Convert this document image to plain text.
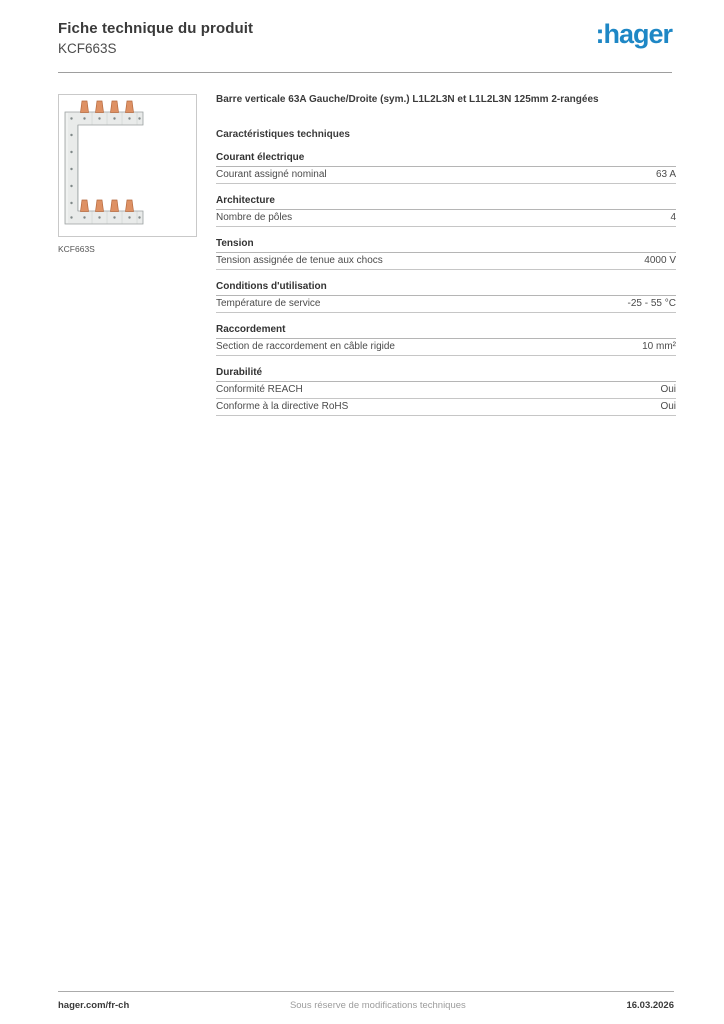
Fiche technique du produit
KCF663S	:hager
KCF663S
Barre verticale 63A Gauche/Droite (sym.) L1L2L3N et L1L2L3N 125mm 2-rangées
Caractéristiques techniques
Courant électrique
Courant assigné nominal	63 A
Architecture
Nombre de pôles	4
Tension
Tension assignée de tenue aux chocs	4000 V
Conditions d'utilisation
Température de service	-25 - 55 °C
Raccordement
Section de raccordement en câble rigide	10 mm²
Durabilité
Conformité REACH	Oui
Conforme à la directive RoHS	Oui
hager.com/fr-ch	Sous réserve de modifications techniques	16.03.2026
